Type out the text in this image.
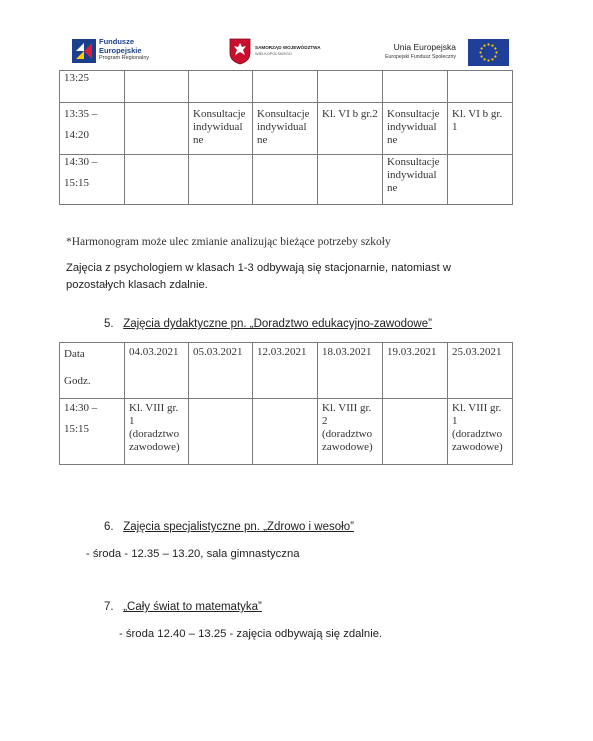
Fundusze
Europejskie
Program Regionalny
SAMORZĄD WOJEWÓDZTWA
WIELKOPOLSKIEGO
Unia Europejska
Europejski Fundusz Społeczny
13:25						

13:35 –
14:20		Konsultacje indywidual ne	Konsultacje indywidual ne	Kl. VI b gr.2	Konsultacje indywidual ne	Kl. VI b gr. 1

14:30 –
15:15					Konsultacje indywidual ne	
*Harmonogram może ulec zmianie analizując bieżące potrzeby szkoły
Zajęcia z psychologiem w klasach 1-3 odbywają się stacjonarnie, natomiast w pozostałych klasach zdalnie.
5. Zajęcia dydaktyczne pn. „Doradztwo edukacyjno-zawodowe”
Data
Godz.	04.03.2021	05.03.2021	12.03.2021	18.03.2021	19.03.2021	25.03.2021

14:30 –
15:15	Kl. VIII gr. 1 (doradztwo zawodowe)			Kl. VIII gr. 2 (doradztwo zawodowe)		Kl. VIII gr. 1 (doradztwo zawodowe)
6. Zajęcia specjalistyczne pn. „Zdrowo i wesoło”
- środa - 12.35 – 13.20, sala gimnastyczna
7. „Cały świat to matematyka”
- środa 12.40 – 13.25 - zajęcia odbywają się zdalnie.
